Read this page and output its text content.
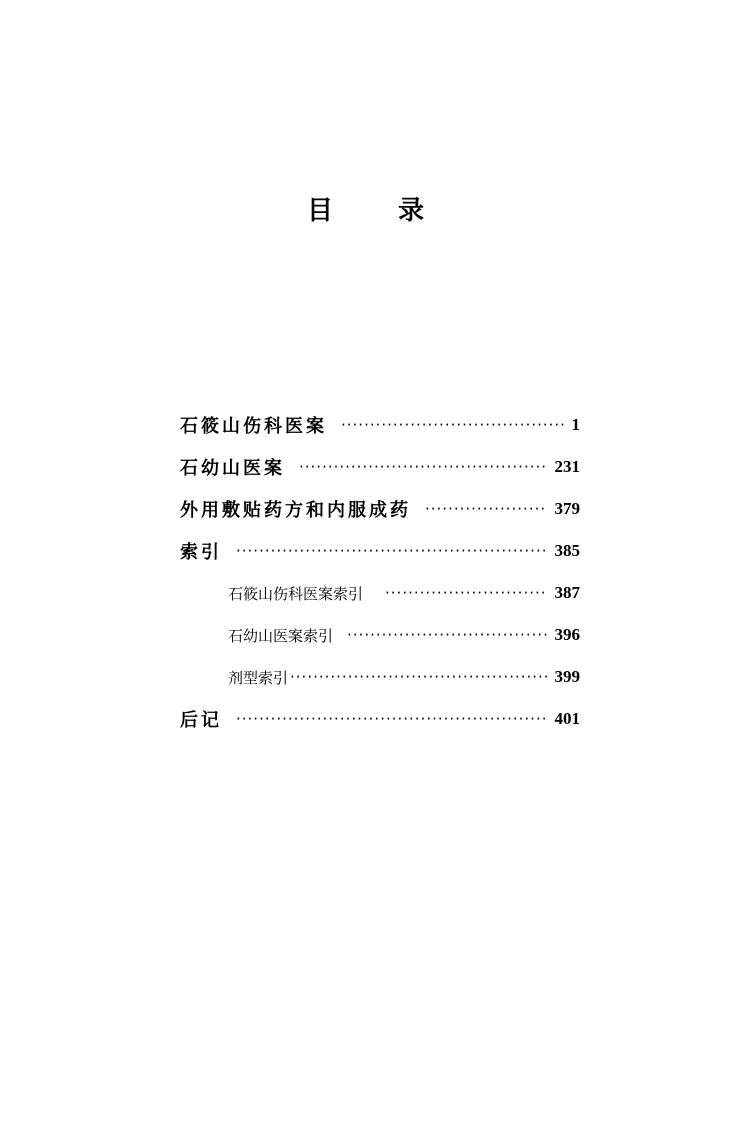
目 录
石筱山伤科医案 ·····	1
石幼山医案 ·····	231
外用敷贴药方和内服成药 ·····	379
索引 ·····	385
石筱山伤科医案索引 ·····	387
石幼山医案索引 ·····	396
剂型索引 ·····	399
后记 ·····	401
